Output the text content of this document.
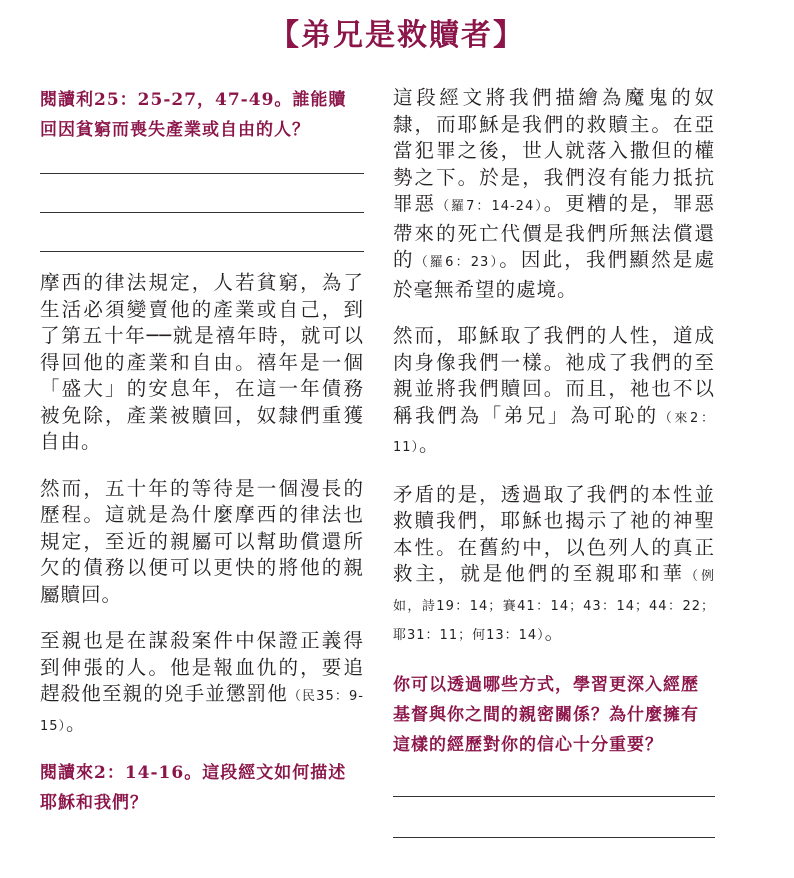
【弟兄是救贖者】

閱讀利25：25-27，47-49。誰能贖回因貧窮而喪失產業或自由的人？

摩西的律法規定，人若貧窮，為了生活必須變賣他的產業或自己，到了第五十年──就是禧年時，就可以得回他的產業和自由。禧年是一個「盛大」的安息年，在這一年債務被免除，產業被贖回，奴隸們重獲自由。

然而，五十年的等待是一個漫長的歷程。這就是為什麼摩西的律法也規定，至近的親屬可以幫助償還所欠的債務以便可以更快的將他的親屬贖回。

至親也是在謀殺案件中保證正義得到伸張的人。他是報血仇的，要追趕殺他至親的兇手並懲罰他（民35：9-15）。

閱讀來2：14-16。這段經文如何描述耶穌和我們？

這段經文將我們描繪為魔鬼的奴隸，而耶穌是我們的救贖主。在亞當犯罪之後，世人就落入撒但的權勢之下。於是，我們沒有能力抵抗罪惡（羅7：14-24）。更糟的是，罪惡帶來的死亡代價是我們所無法償還的（羅6：23）。因此，我們顯然是處於毫無希望的處境。

然而，耶穌取了我們的人性，道成肉身像我們一樣。祂成了我們的至親並將我們贖回。而且，祂也不以稱我們為「弟兄」為可恥的（來2：11）。

矛盾的是，透過取了我們的本性並救贖我們，耶穌也揭示了祂的神聖本性。在舊約中，以色列人的真正救主，就是他們的至親耶和華（例如，詩19：14；賽41：14；43：14；44：22；耶31：11；何13：14）。

你可以透過哪些方式，學習更深入經歷基督與你之間的親密關係？為什麼擁有這樣的經歷對你的信心十分重要？
